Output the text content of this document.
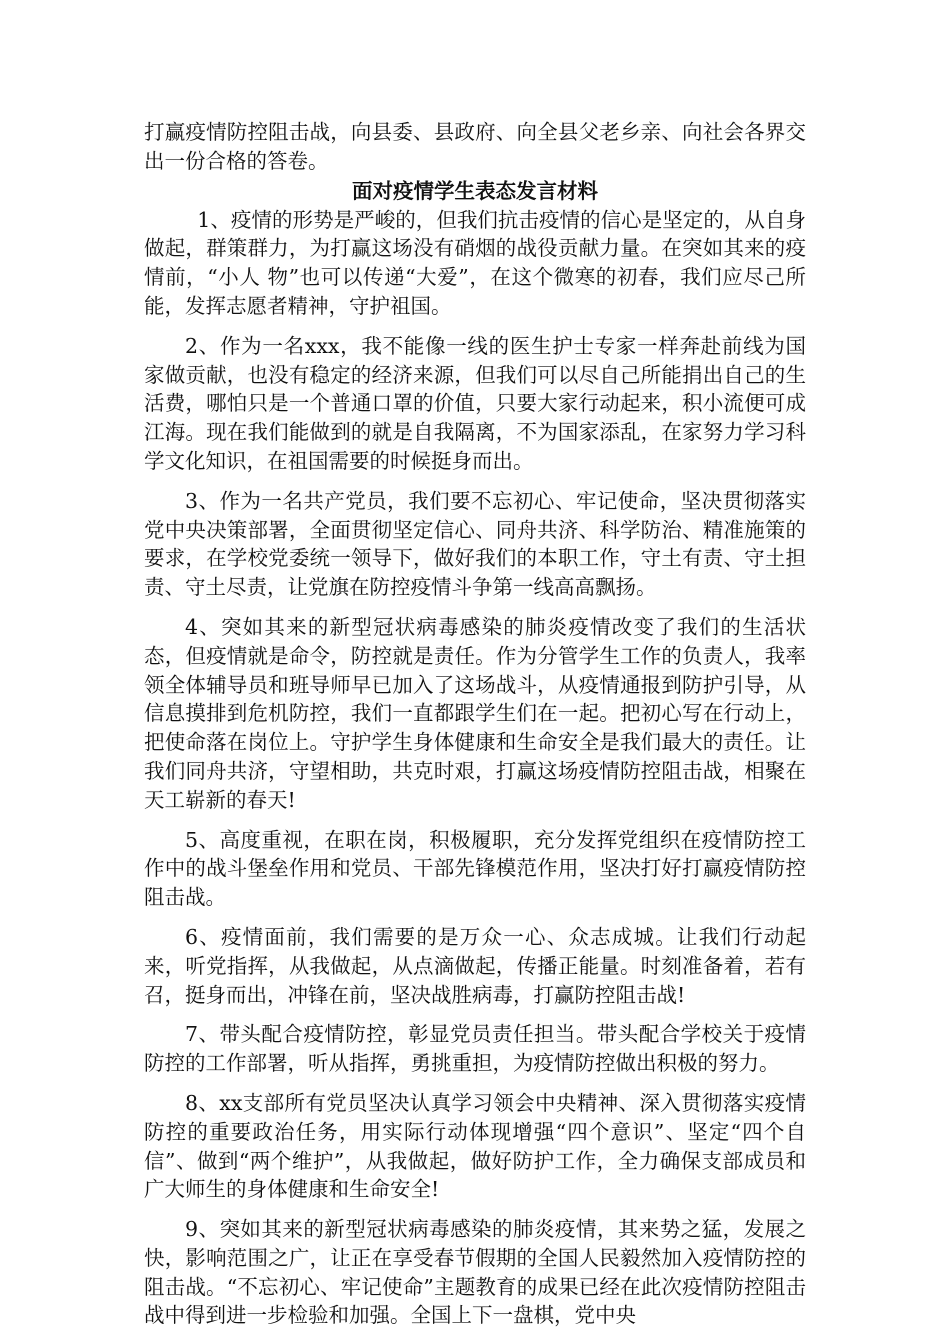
打赢疫情防控阻击战，向县委、县政府、向全县父老乡亲、向社会各界交出一份合格的答卷。

面对疫情学生表态发言材料

1、疫情的形势是严峻的，但我们抗击疫情的信心是坚定的，从自身做起，群策群力，为打赢这场没有硝烟的战役贡献力量。在突如其来的疫情前，“小人 物”也可以传递“大爱”，在这个微寒的初春，我们应尽己所能，发挥志愿者精神，守护祖国。

2、作为一名xxx，我不能像一线的医生护士专家一样奔赴前线为国家做贡献，也没有稳定的经济来源，但我们可以尽自己所能捐出自己的生活费，哪怕只是一个普通口罩的价值，只要大家行动起来，积小流便可成江海。现在我们能做到的就是自我隔离，不为国家添乱，在家努力学习科学文化知识，在祖国需要的时候挺身而出。

3、作为一名共产党员，我们要不忘初心、牢记使命，坚决贯彻落实党中央决策部署，全面贯彻坚定信心、同舟共济、科学防治、精准施策的要求，在学校党委统一领导下，做好我们的本职工作，守土有责、守土担责、守土尽责，让党旗在防控疫情斗争第一线高高飘扬。

4、突如其来的新型冠状病毒感染的肺炎疫情改变了我们的生活状态，但疫情就是命令，防控就是责任。作为分管学生工作的负责人，我率领全体辅导员和班导师早已加入了这场战斗，从疫情通报到防护引导，从信息摸排到危机防控，我们一直都跟学生们在一起。把初心写在行动上，把使命落在岗位上。守护学生身体健康和生命安全是我们最大的责任。让我们同舟共济，守望相助，共克时艰，打赢这场疫情防控阻击战，相聚在天工崭新的春天!

5、高度重视，在职在岗，积极履职，充分发挥党组织在疫情防控工作中的战斗堡垒作用和党员、干部先锋模范作用，坚决打好打赢疫情防控阻击战。

6、疫情面前，我们需要的是万众一心、众志成城。让我们行动起来，听党指挥，从我做起，从点滴做起，传播正能量。时刻准备着，若有召，挺身而出，冲锋在前，坚决战胜病毒，打赢防控阻击战!

7、带头配合疫情防控，彰显党员责任担当。带头配合学校关于疫情防控的工作部署，听从指挥，勇挑重担，为疫情防控做出积极的努力。

8、xx支部所有党员坚决认真学习领会中央精神、深入贯彻落实疫情防控的重要政治任务，用实际行动体现增强“四个意识”、坚定“四个自信”、做到“两个维护”，从我做起，做好防护工作，全力确保支部成员和广大师生的身体健康和生命安全!

9、突如其来的新型冠状病毒感染的肺炎疫情，其来势之猛，发展之快，影响范围之广，让正在享受春节假期的全国人民毅然加入疫情防控的阻击战。“不忘初心、牢记使命”主题教育的成果已经在此次疫情防控阻击战中得到进一步检验和加强。全国上下一盘棋，党中央
